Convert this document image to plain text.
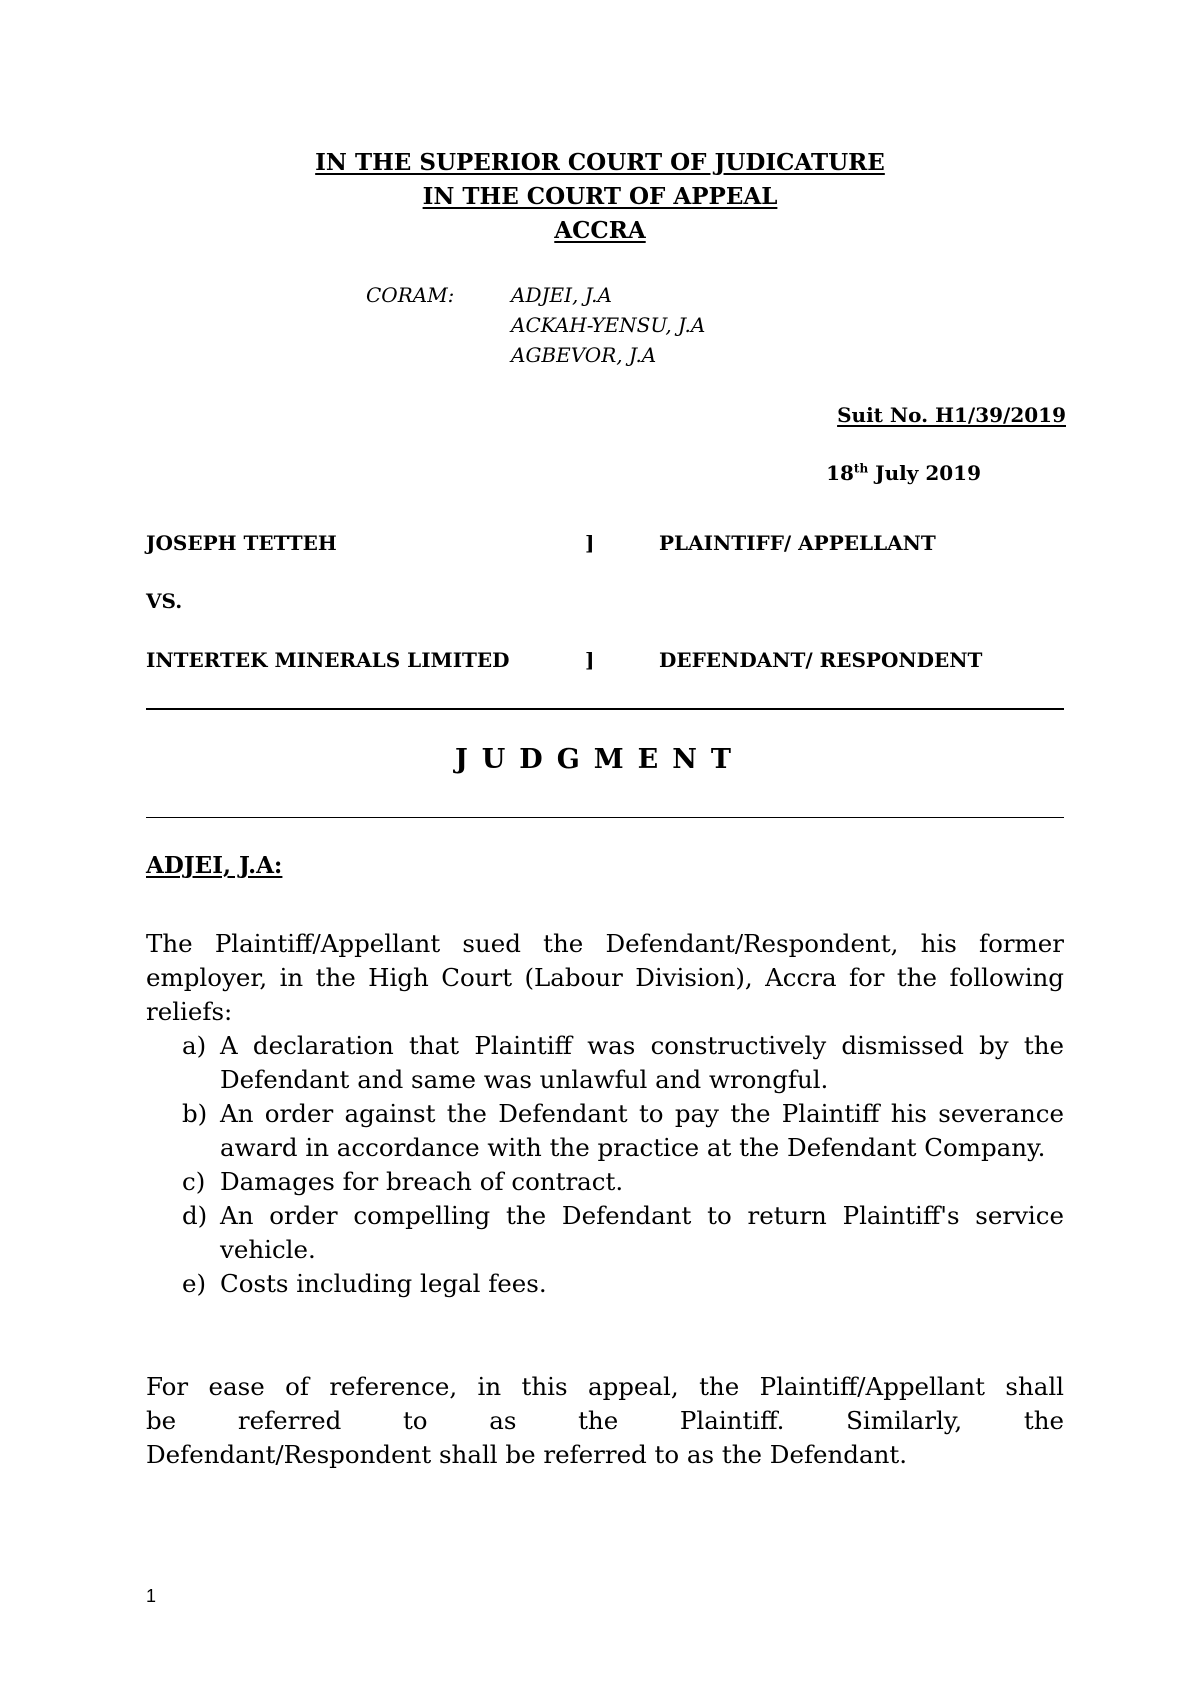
IN THE SUPERIOR COURT OF JUDICATURE
IN THE COURT OF APPEAL
ACCRA
CORAM:	ADJEI, J.A
ACKAH-YENSU, J.A
AGBEVOR, J.A
Suit No. H1/39/2019
18th July 2019
JOSEPH TETTEH	]	PLAINTIFF/ APPELLANT
VS.
INTERTEK MINERALS LIMITED	]	DEFENDANT/ RESPONDENT
JUDGMENT
ADJEI, J.A:
The Plaintiff/Appellant sued the Defendant/Respondent, his former employer, in the High Court (Labour Division), Accra for the following reliefs:
a) A declaration that Plaintiff was constructively dismissed by the Defendant and same was unlawful and wrongful.
b) An order against the Defendant to pay the Plaintiff his severance award in accordance with the practice at the Defendant Company.
c) Damages for breach of contract.
d) An order compelling the Defendant to return Plaintiff's service vehicle.
e) Costs including legal fees.
For ease of reference, in this appeal, the Plaintiff/Appellant shall
be referred to as the Plaintiff. Similarly, the
Defendant/Respondent shall be referred to as the Defendant.
1
